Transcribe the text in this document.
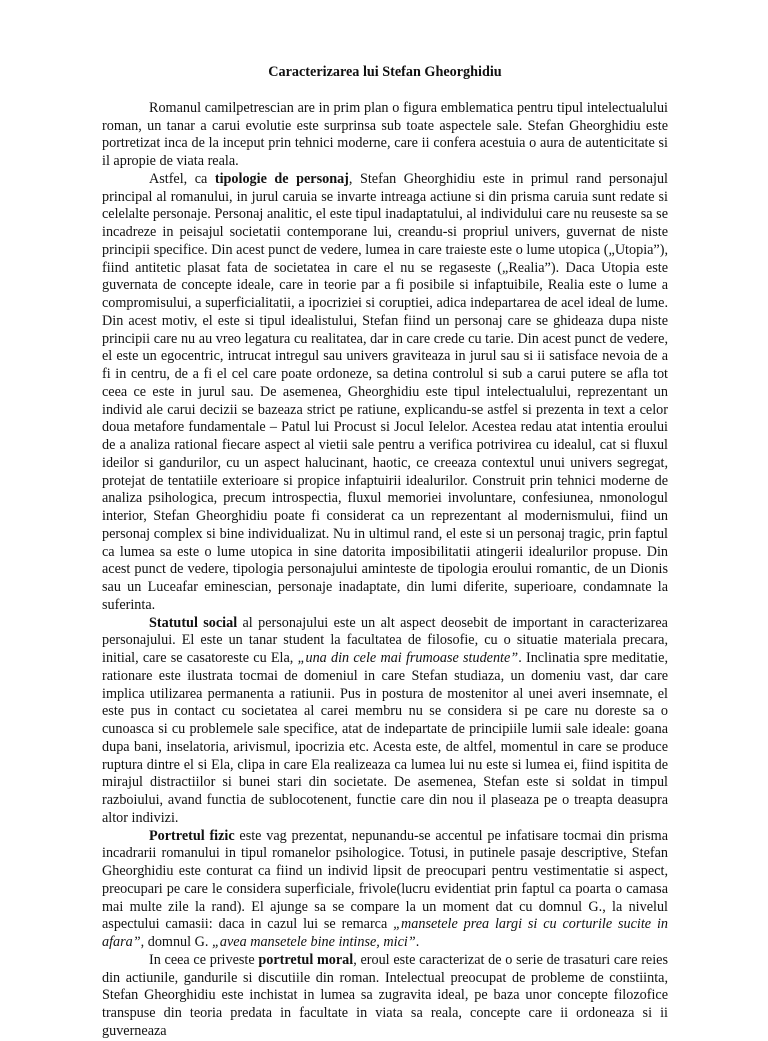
Caracterizarea lui Stefan Gheorghidiu

Romanul camilpetrescian are in prim plan o figura emblematica pentru tipul intelectualului roman, un tanar a carui evolutie este surprinsa sub toate aspectele sale. Stefan Gheorghidiu este portretizat inca de la inceput prin tehnici moderne, care ii confera acestuia o aura de autenticitate si il apropie de viata reala.

Astfel, ca tipologie de personaj, Stefan Gheorghidiu este in primul rand personajul principal al romanului, in jurul caruia se invarte intreaga actiune si din prisma caruia sunt redate si celelalte personaje. Personaj analitic, el este tipul inadaptatului, al individului care nu reuseste sa se incadreze in peisajul societatii contemporane lui, creandu-si propriul univers, guvernat de niste principii specifice. Din acest punct de vedere, lumea in care traieste este o lume utopica („Utopia”), fiind antitetic plasat fata de societatea in care el nu se regaseste („Realia”). Daca Utopia este guvernata de concepte ideale, care in teorie par a fi posibile si infaptuibile, Realia este o lume a compromisului, a superficialitatii, a ipocriziei si coruptiei, adica indepartarea de acel ideal de lume. Din acest motiv, el este si tipul idealistului, Stefan fiind un personaj care se ghideaza dupa niste principii care nu au vreo legatura cu realitatea, dar in care crede cu tarie. Din acest punct de vedere, el este un egocentric, intrucat intregul sau univers graviteaza in jurul sau si ii satisface nevoia de a fi in centru, de a fi el cel care poate ordoneze, sa detina controlul si sub a carui putere se afla tot ceea ce este in jurul sau. De asemenea, Gheorghidiu este tipul intelectualului, reprezentant un individ ale carui decizii se bazeaza strict pe ratiune, explicandu-se astfel si prezenta in text a celor doua metafore fundamentale – Patul lui Procust si Jocul Ielelor. Acestea redau atat intentia eroului de a analiza rational fiecare aspect al vietii sale pentru a verifica potrivirea cu idealul, cat si fluxul ideilor si gandurilor, cu un aspect halucinant, haotic, ce creeaza contextul unui univers segregat, protejat de tentatiile exterioare si propice infaptuirii idealurilor. Construit prin tehnici moderne de analiza psihologica, precum introspectia, fluxul memoriei involuntare, confesiunea, nmonologul interior, Stefan Gheorghidiu poate fi considerat ca un reprezentant al modernismului, fiind un personaj complex si bine individualizat. Nu in ultimul rand, el este si un personaj tragic, prin faptul ca lumea sa este o lume utopica in sine datorita imposibilitatii atingerii idealurilor propuse. Din acest punct de vedere, tipologia personajului aminteste de tipologia eroului romantic, de un Dionis sau un Luceafar eminescian, personaje inadaptate, din lumi diferite, superioare, condamnate la suferinta.

Statutul social al personajului este un alt aspect deosebit de important in caracterizarea personajului. El este un tanar student la facultatea de filosofie, cu o situatie materiala precara, initial, care se casatoreste cu Ela, „una din cele mai frumoase studente”. Inclinatia spre meditatie, rationare este ilustrata tocmai de domeniul in care Stefan studiaza, un domeniu vast, dar care implica utilizarea permanenta a ratiunii. Pus in postura de mostenitor al unei averi insemnate, el este pus in contact cu societatea al carei membru nu se considera si pe care nu doreste sa o cunoasca si cu problemele sale specifice, atat de indepartate de principiile lumii sale ideale: goana dupa bani, inselatoria, arivismul, ipocrizia etc. Acesta este, de altfel, momentul in care se produce ruptura dintre el si Ela, clipa in care Ela realizeaza ca lumea lui nu este si lumea ei, fiind ispitita de mirajul distractiilor si bunei stari din societate. De asemenea, Stefan este si soldat in timpul razboiului, avand functia de sublocotenent, functie care din nou il plaseaza pe o treapta deasupra altor indivizi.

Portretul fizic este vag prezentat, nepunandu-se accentul pe infatisare tocmai din prisma incadrarii romanului in tipul romanelor psihologice. Totusi, in putinele pasaje descriptive, Stefan Gheorghidiu este conturat ca fiind un individ lipsit de preocupari pentru vestimentatie si aspect, preocupari pe care le considera superficiale, frivole(lucru evidentiat prin faptul ca poarta o camasa mai multe zile la rand). El ajunge sa se compare la un moment dat cu domnul G., la nivelul aspectului camasii: daca in cazul lui se remarca „mansetele prea largi si cu corturile sucite in afara”, domnul G. „avea mansetele bine intinse, mici”.

In ceea ce priveste portretul moral, eroul este caracterizat de o serie de trasaturi care reies din actiunile, gandurile si discutiile din roman. Intelectual preocupat de probleme de constiinta, Stefan Gheorghidiu este inchistat in lumea sa zugravita ideal, pe baza unor concepte filozofice transpuse din teoria predata in facultate in viata sa reala, concepte care ii ordoneaza si ii guverneaza
